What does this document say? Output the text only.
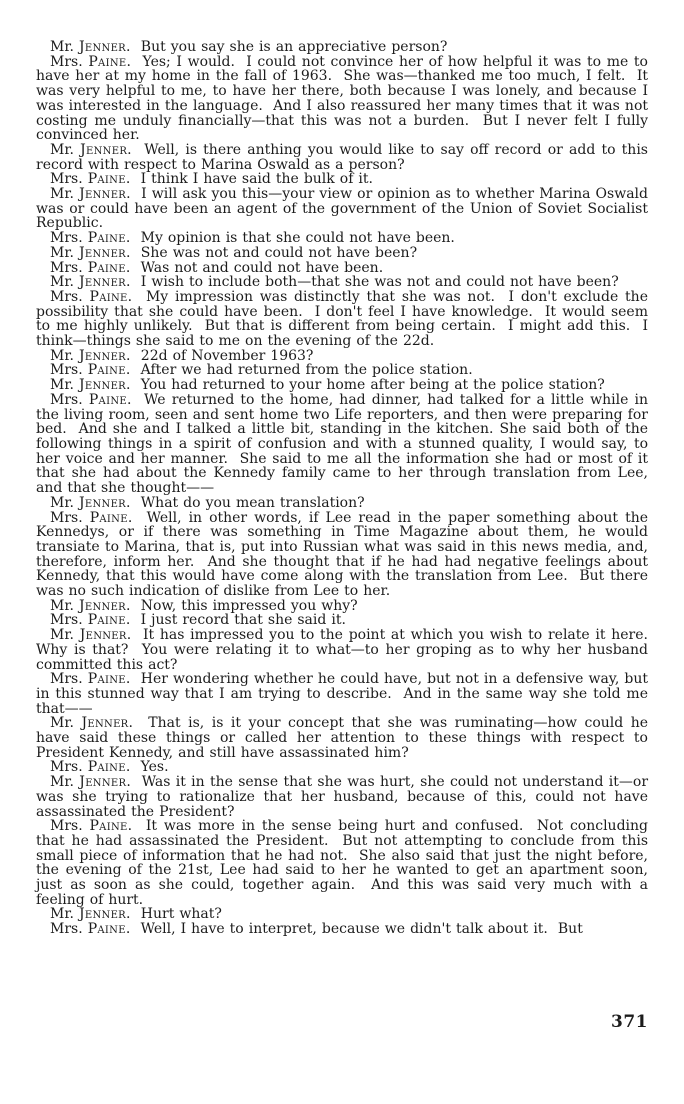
Mr. Jenner. But you say she is an appreciative person?

Mrs. Paine. Yes; I would.  I could not convince her of how helpful it was to me to have her at my home in the fall of 1963.  She was—thanked me too much, I felt.  It was very helpful to me, to have her there, both because I was lonely, and because I was interested in the language.  And I also reassured her many times that it was not costing me unduly financially—that this was not a burden.  But I never felt I fully convinced her.

Mr. Jenner. Well, is there anthing you would like to say off record or add to this record with respect to Marina Oswald as a person?

Mrs. Paine. I think I have said the bulk of it.

Mr. Jenner. I will ask you this—your view or opinion as to whether Marina Oswald was or could have been an agent of the government of the Union of Soviet Socialist Republic.

Mrs. Paine. My opinion is that she could not have been.

Mr. Jenner. She was not and could not have been?

Mrs. Paine. Was not and could not have been.

Mr. Jenner. I wish to include both—that she was not and could not have been?

Mrs. Paine. My impression was distinctly that she was not.  I don't exclude the possibility that she could have been.  I don't feel I have knowledge.  It would seem to me highly unlikely.  But that is different from being certain.  I might add this.  I think—things she said to me on the evening of the 22d.

Mr. Jenner. 22d of November 1963?

Mrs. Paine. After we had returned from the police station.

Mr. Jenner. You had returned to your home after being at the police station?

Mrs. Paine. We returned to the home, had dinner, had talked for a little while in the living room, seen and sent home two Life reporters, and then were preparing for bed.  And she and I talked a little bit, standing in the kitchen. She said both of the following things in a spirit of confusion and with a stunned quality, I would say, to her voice and her manner.  She said to me all the information she had or most of it that she had about the Kennedy family came to her through translation from Lee, and that she thought——

Mr. Jenner. What do you mean translation?

Mrs. Paine. Well, in other words, if Lee read in the paper something about the Kennedys, or if there was something in Time Magazine about them, he would transiate to Marina, that is, put into Russian what was said in this news media, and, therefore, inform her.  And she thought that if he had had negative feelings about Kennedy, that this would have come along with the translation from Lee.  But there was no such indication of dislike from Lee to her.

Mr. Jenner. Now, this impressed you why?

Mrs. Paine. I just record that she said it.

Mr. Jenner. It has impressed you to the point at which you wish to relate it here.  Why is that?  You were relating it to what—to her groping as to why her husband committed this act?

Mrs. Paine. Her wondering whether he could have, but not in a defensive way, but in this stunned way that I am trying to describe.  And in the same way she told me that——

Mr. Jenner. That is, is it your concept that she was ruminating—how could he have said these things or called her attention to these things with respect to President Kennedy, and still have assassinated him?

Mrs. Paine. Yes.

Mr. Jenner. Was it in the sense that she was hurt, she could not understand it—or was she trying to rationalize that her husband, because of this, could not have assassinated the President?

Mrs. Paine. It was more in the sense being hurt and confused.  Not concluding that he had assassinated the President.  But not attempting to conclude from this small piece of information that he had not.  She also said that just the night before, the evening of the 21st, Lee had said to her he wanted to get an apartment soon, just as soon as she could, together again.  And this was said very much with a feeling of hurt.

Mr. Jenner. Hurt what?

Mrs. Paine. Well, I have to interpret, because we didn't talk about it.  But

371
